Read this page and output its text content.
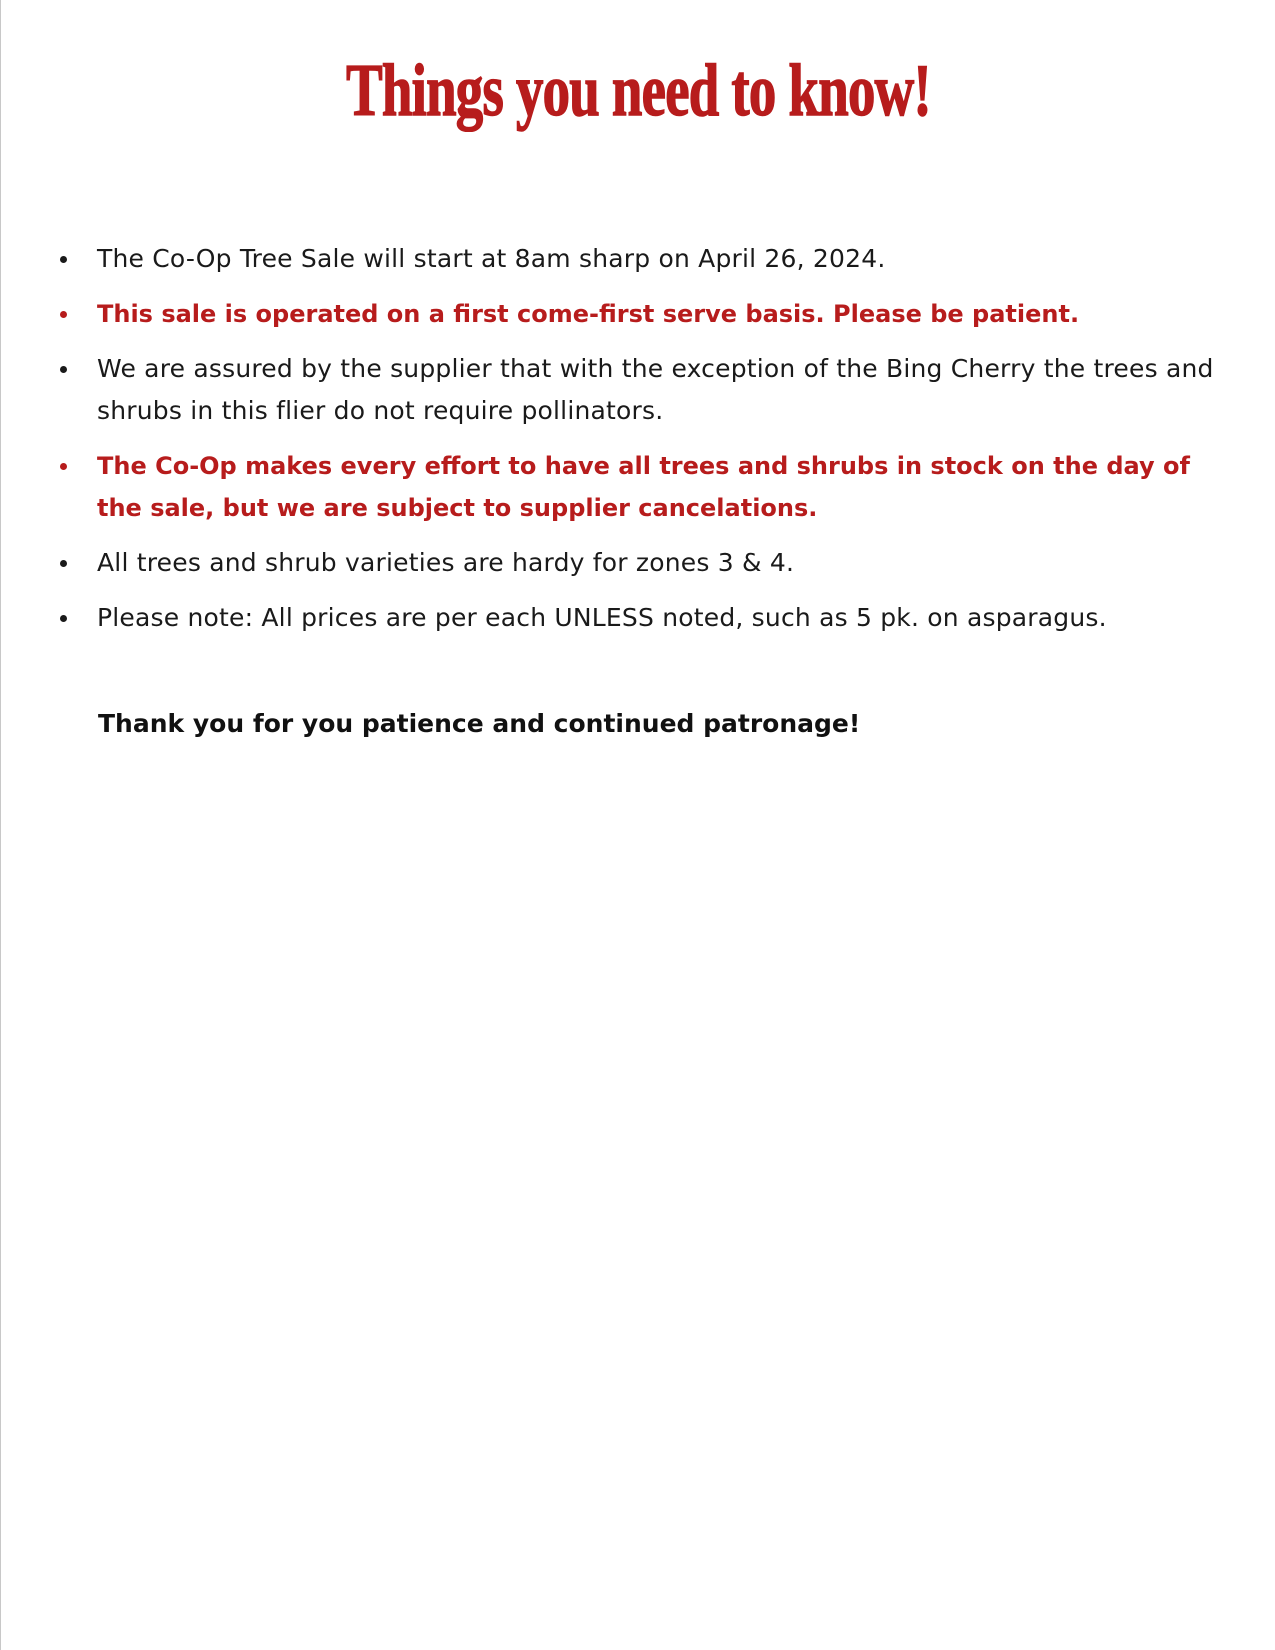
Things you need to know!
The Co-Op Tree Sale will start at 8am sharp on April 26, 2024.
This sale is operated on a first come-first serve basis. Please be patient.
We are assured by the supplier that with the exception of the Bing Cherry the trees and shrubs in this flier do not require pollinators.
The Co-Op makes every effort to have all trees and shrubs in stock on the day of the sale, but we are subject to supplier cancelations.
All trees and shrub varieties are hardy for zones 3 & 4.
Please note: All prices are per each UNLESS noted, such as 5 pk. on asparagus.
Thank you for you patience and continued patronage!
